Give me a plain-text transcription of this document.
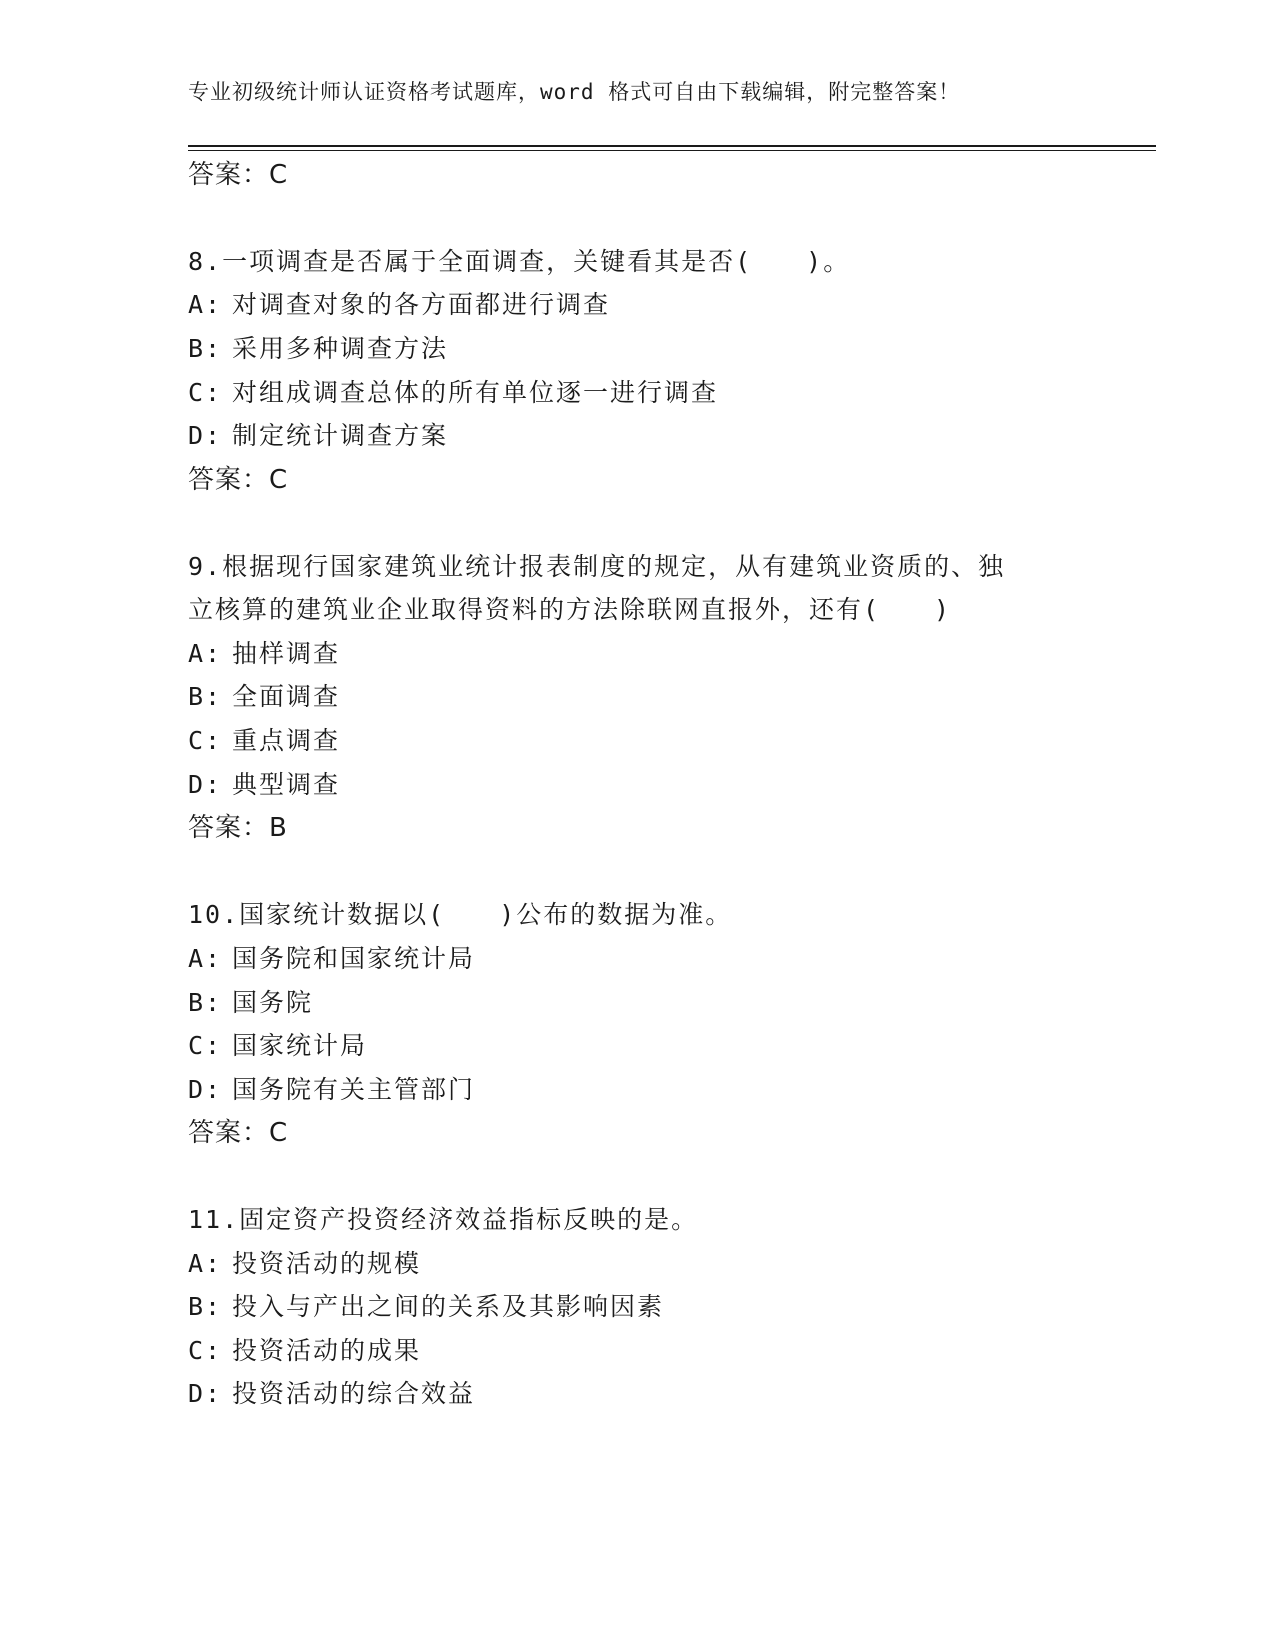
专业初级统计师认证资格考试题库，word 格式可自由下载编辑，附完整答案！
答案：C
8.一项调查是否属于全面调查，关键看其是否(　　)。
A: 对调查对象的各方面都进行调查
B: 采用多种调查方法
C: 对组成调查总体的所有单位逐一进行调查
D: 制定统计调查方案
答案：C
9.根据现行国家建筑业统计报表制度的规定，从有建筑业资质的、独
立核算的建筑业企业取得资料的方法除联网直报外，还有(　　)
A: 抽样调查
B: 全面调查
C: 重点调查
D: 典型调查
答案：B
10.国家统计数据以(　　)公布的数据为准。
A: 国务院和国家统计局
B: 国务院
C: 国家统计局
D: 国务院有关主管部门
答案：C
11.固定资产投资经济效益指标反映的是。
A: 投资活动的规模
B: 投入与产出之间的关系及其影响因素
C: 投资活动的成果
D: 投资活动的综合效益
